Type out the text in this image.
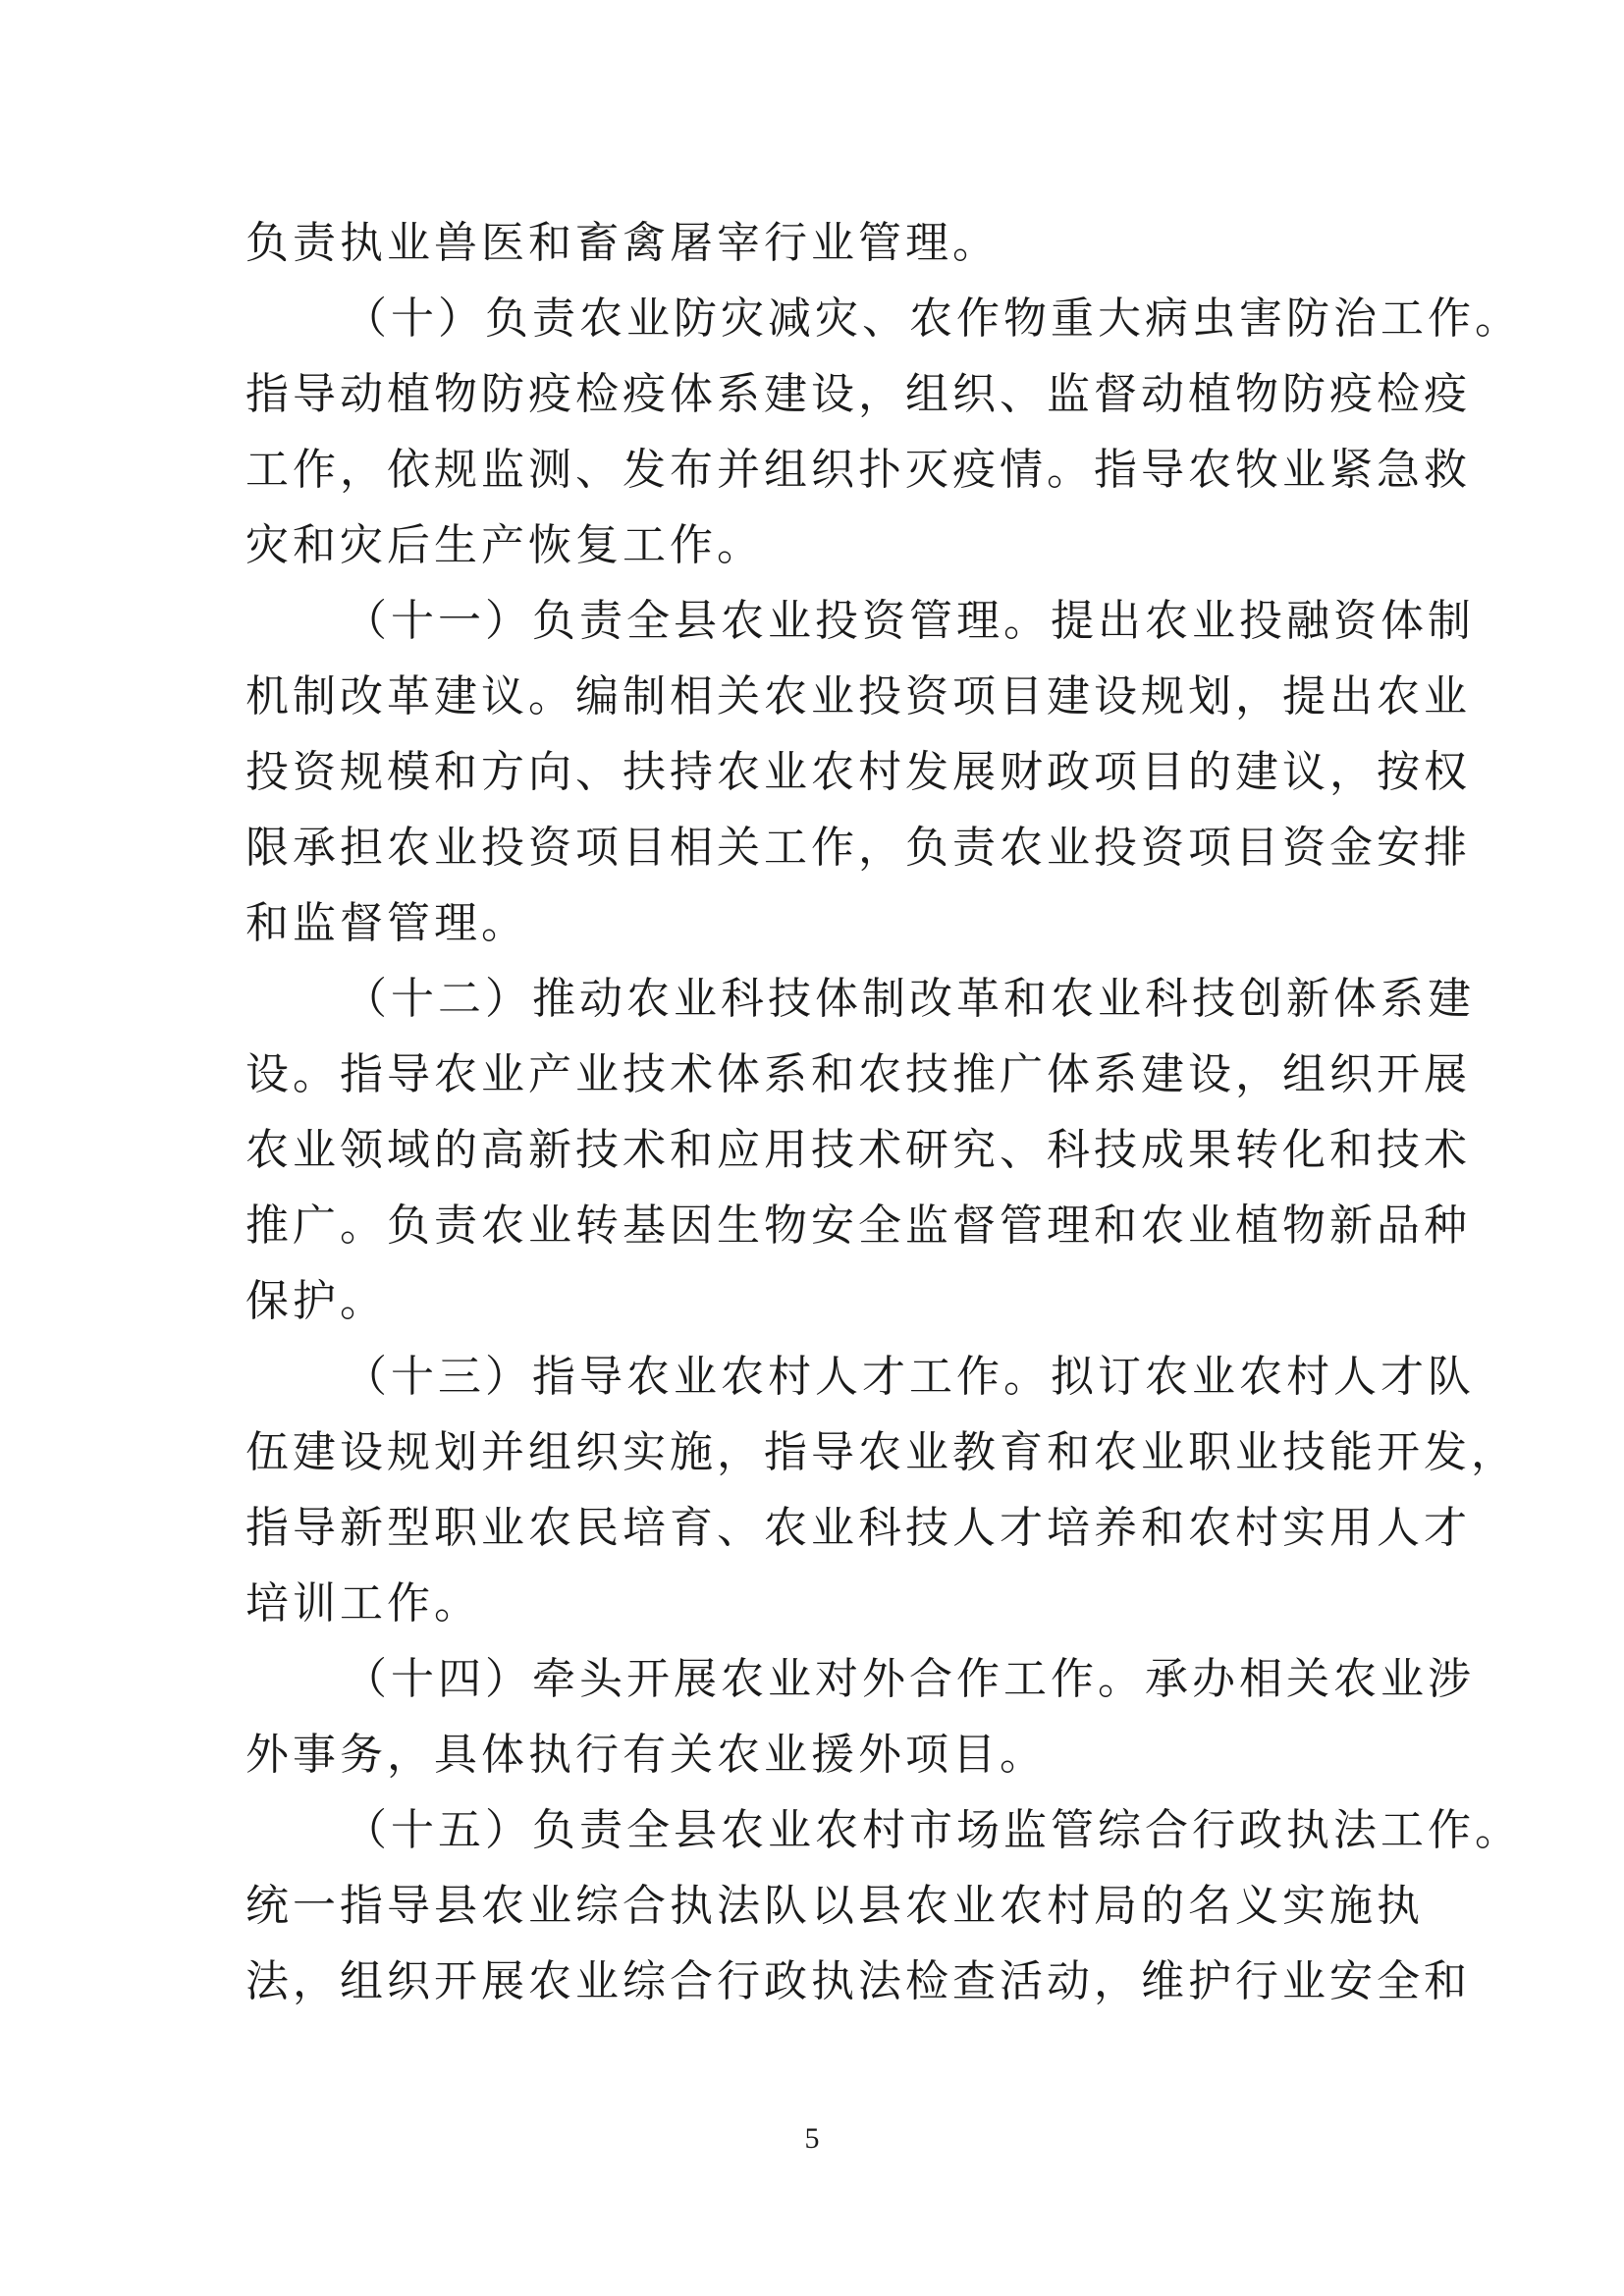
负责执业兽医和畜禽屠宰行业管理。
（十）负责农业防灾减灾、农作物重大病虫害防治工作。
指导动植物防疫检疫体系建设，组织、监督动植物防疫检疫
工作，依规监测、发布并组织扑灭疫情。指导农牧业紧急救
灾和灾后生产恢复工作。
（十一）负责全县农业投资管理。提出农业投融资体制
机制改革建议。编制相关农业投资项目建设规划，提出农业
投资规模和方向、扶持农业农村发展财政项目的建议，按权
限承担农业投资项目相关工作，负责农业投资项目资金安排
和监督管理。
（十二）推动农业科技体制改革和农业科技创新体系建
设。指导农业产业技术体系和农技推广体系建设，组织开展
农业领域的高新技术和应用技术研究、科技成果转化和技术
推广。负责农业转基因生物安全监督管理和农业植物新品种
保护。
（十三）指导农业农村人才工作。拟订农业农村人才队
伍建设规划并组织实施，指导农业教育和农业职业技能开发，
指导新型职业农民培育、农业科技人才培养和农村实用人才
培训工作。
（十四）牵头开展农业对外合作工作。承办相关农业涉
外事务，具体执行有关农业援外项目。
（十五）负责全县农业农村市场监管综合行政执法工作。
统一指导县农业综合执法队以县农业农村局的名义实施执
法，组织开展农业综合行政执法检查活动，维护行业安全和
5
